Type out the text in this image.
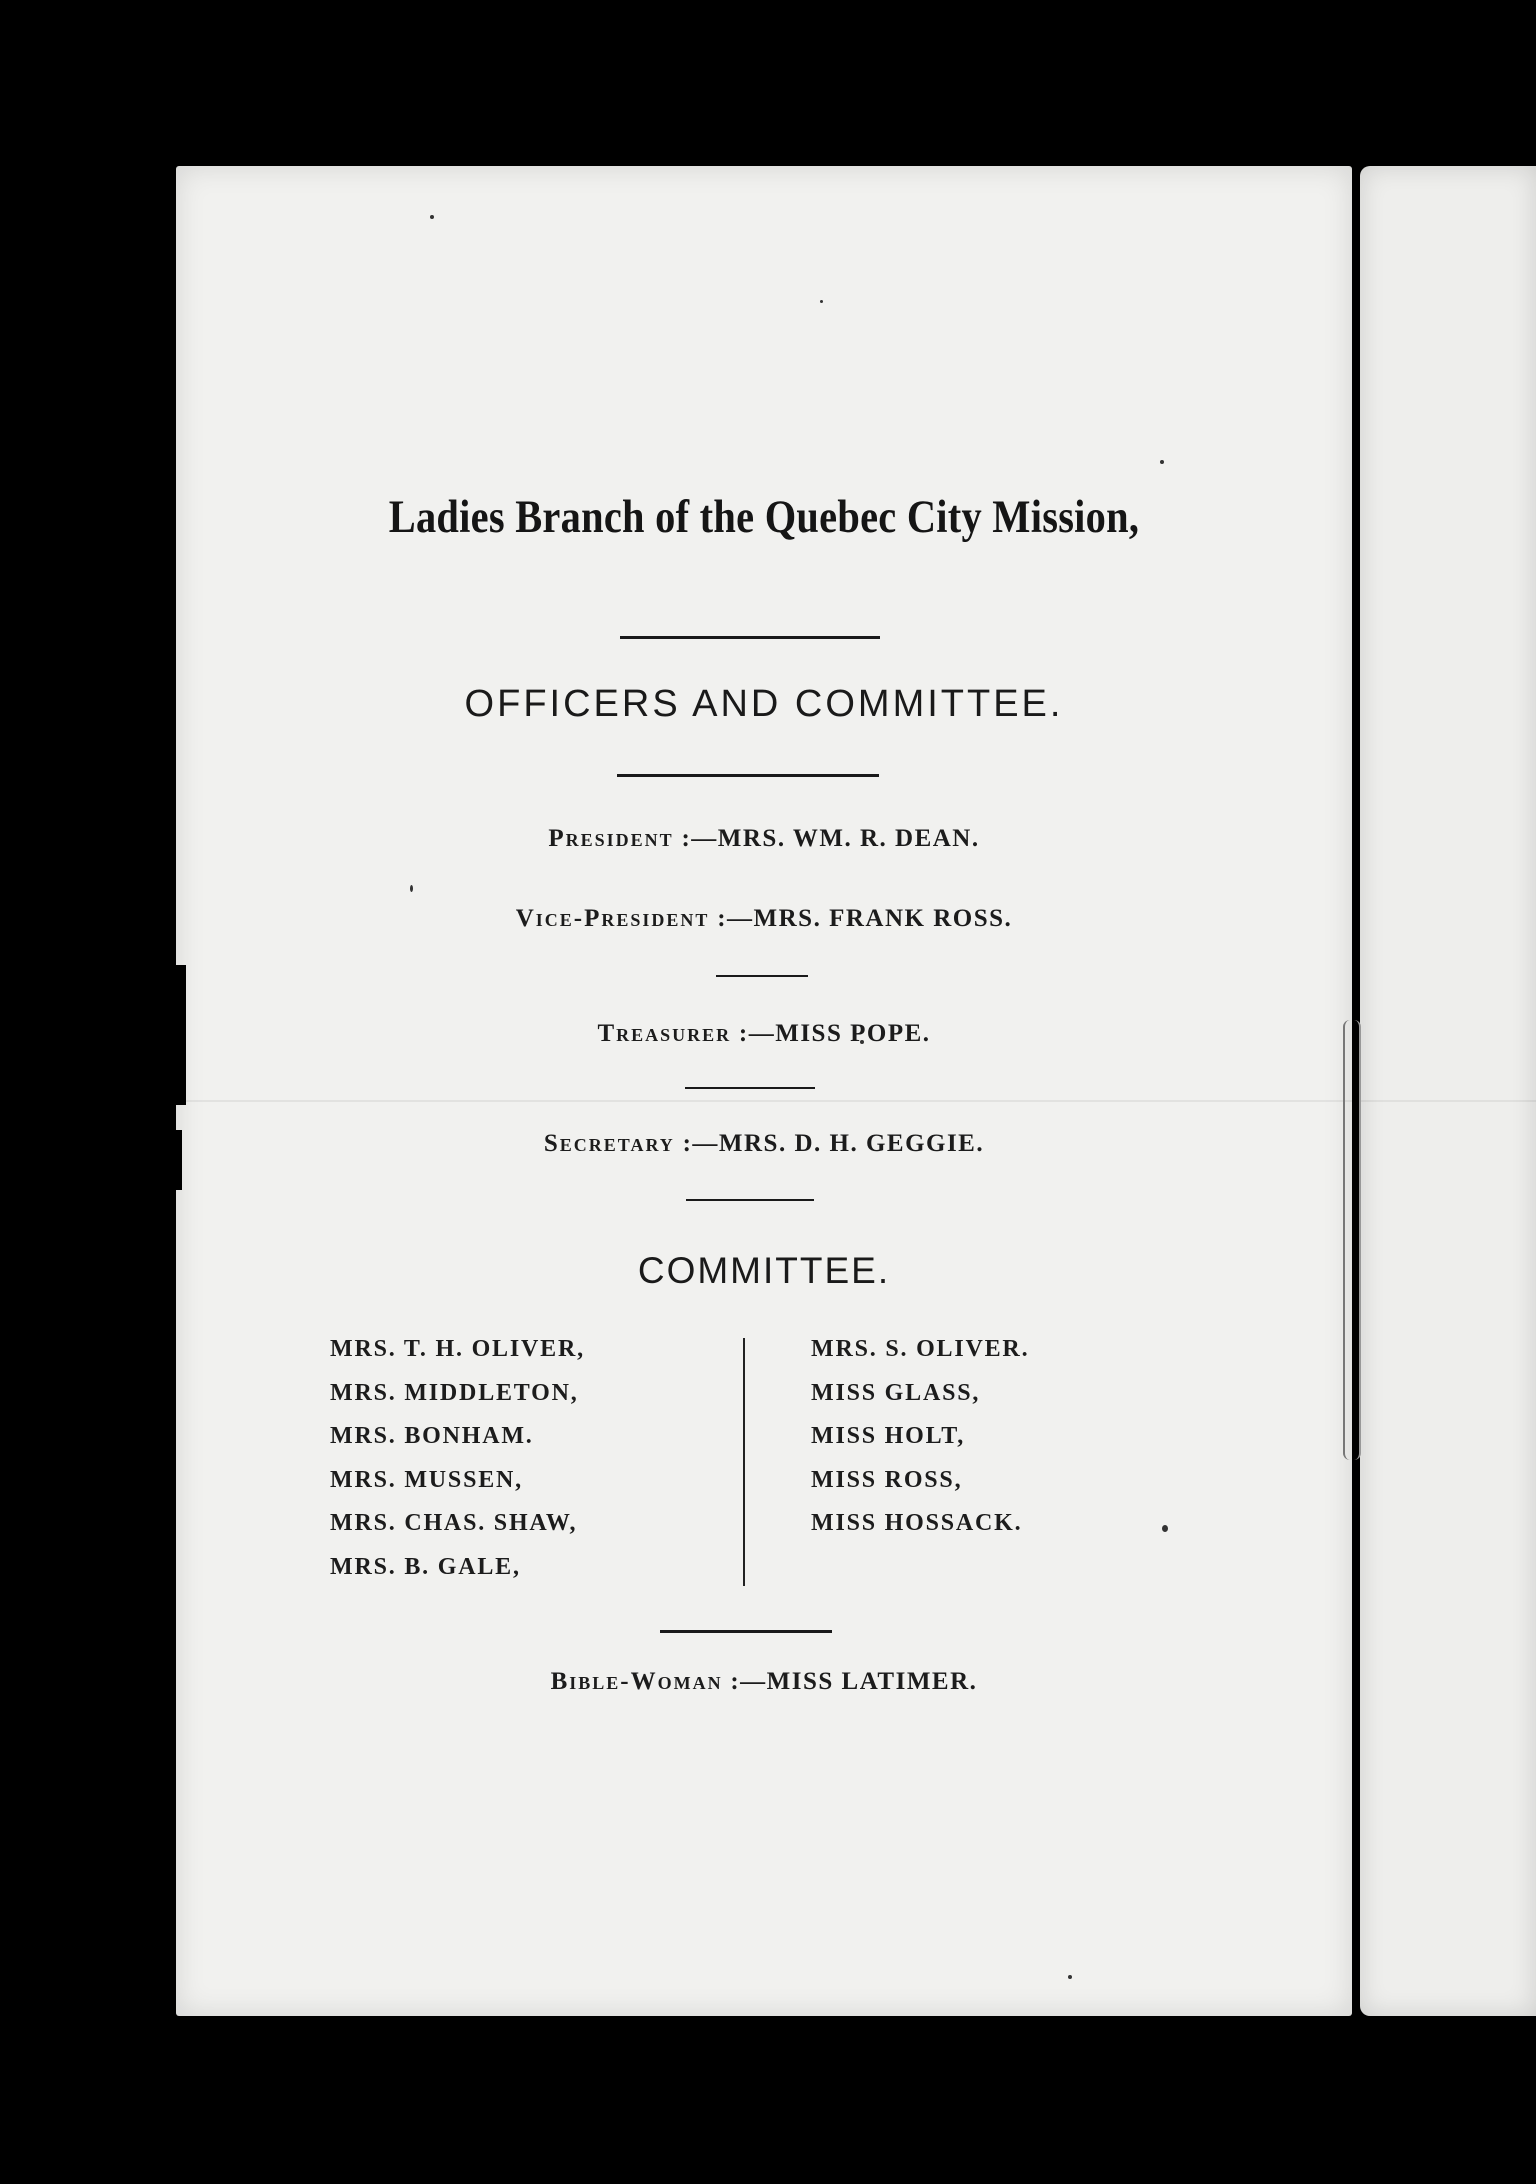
Ladies Branch of the Quebec City Mission,
OFFICERS AND COMMITTEE.
President :—MRS. WM. R. DEAN.
Vice-President :—MRS. FRANK ROSS.
Treasurer :—MISS POPE.
Secretary :—MRS. D. H. GEGGIE.
COMMITTEE.
MRS. T. H. OLIVER,
MRS. MIDDLETON,
MRS. BONHAM.
MRS. MUSSEN,
MRS. CHAS. SHAW,
MRS. B. GALE,
MRS. S. OLIVER.
MISS GLASS,
MISS HOLT,
MISS ROSS,
MISS HOSSACK.
Bible-Woman :—MISS LATIMER.
